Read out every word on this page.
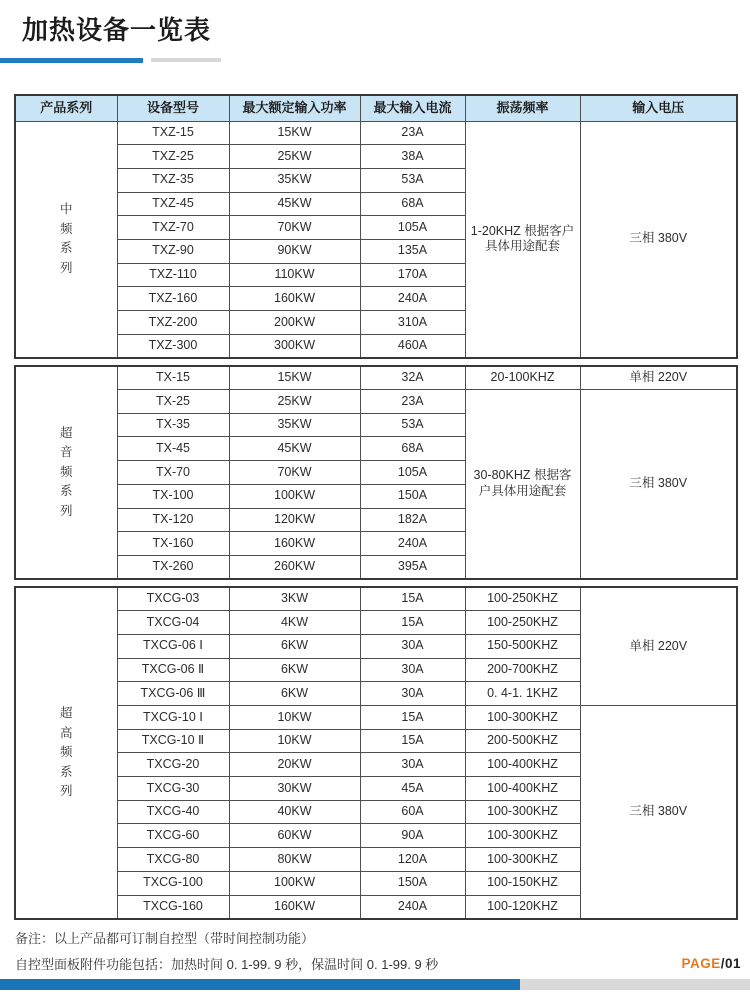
加热设备一览表
产品系列	设备型号	最大额定输入功率	最大输入电流	振荡频率	输入电压

中
频
系
列	TXZ-15	15KW	23A	1-20KHZ 根据客户具体用途配套	三相 380V
	TXZ-25	25KW	38A		
	TXZ-35	35KW	53A		
	TXZ-45	45KW	68A		
	TXZ-70	70KW	105A		
	TXZ-90	90KW	135A		
	TXZ-110	110KW	170A		
	TXZ-160	160KW	240A		
	TXZ-200	200KW	310A		
	TXZ-300	300KW	460A		
超
音
频
系
列	TX-15	15KW	32A	20-100KHZ	单相 220V
	TX-25	25KW	23A	30-80KHZ 根据客户具体用途配套	三相 380V
	TX-35	35KW	53A		
	TX-45	45KW	68A		
	TX-70	70KW	105A		
	TX-100	100KW	150A		
	TX-120	120KW	182A		
	TX-160	160KW	240A		
	TX-260	260KW	395A		
超
高
频
系
列	TXCG-03	3KW	15A	100-250KHZ	单相 220V
	TXCG-04	4KW	15A	100-250KHZ	
	TXCG-06 Ⅰ	6KW	30A	150-500KHZ	
	TXCG-06 Ⅱ	6KW	30A	200-700KHZ	
	TXCG-06 Ⅲ	6KW	30A	0. 4-1. 1KHZ	
	TXCG-10 Ⅰ	10KW	15A	100-300KHZ	三相 380V
	TXCG-10 Ⅱ	10KW	15A	200-500KHZ	
	TXCG-20	20KW	30A	100-400KHZ	
	TXCG-30	30KW	45A	100-400KHZ	
	TXCG-40	40KW	60A	100-300KHZ	
	TXCG-60	60KW	90A	100-300KHZ	
	TXCG-80	80KW	120A	100-300KHZ	
	TXCG-100	100KW	150A	100-150KHZ	
	TXCG-160	160KW	240A	100-120KHZ	
备注：以上产品都可订制自控型（带时间控制功能）
自控型面板附件功能包括：加热时间 0. 1-99. 9 秒，保温时间 0. 1-99. 9 秒	PAGE/01
